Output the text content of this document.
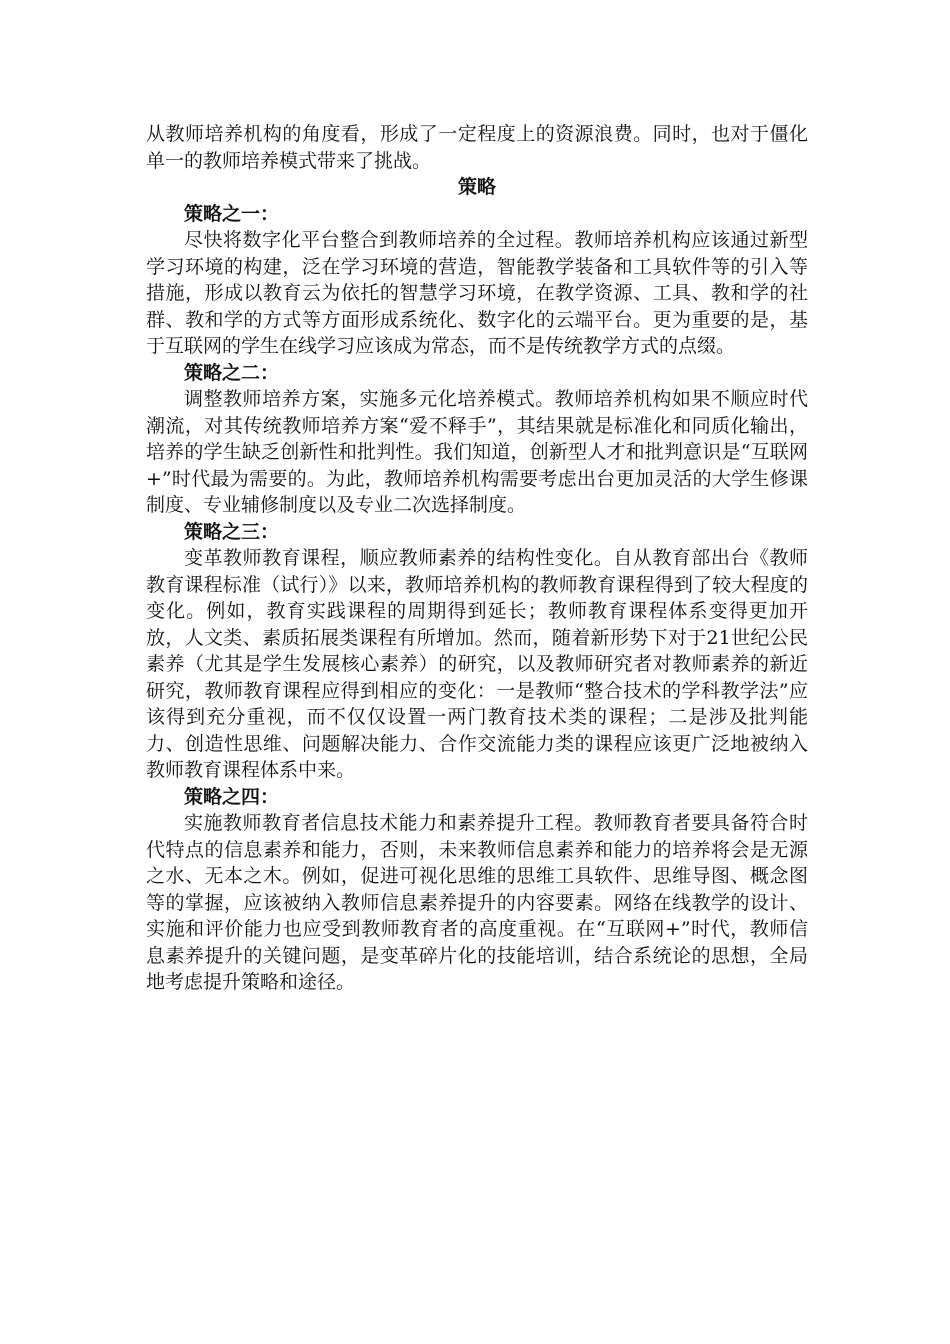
从教师培养机构的角度看，形成了一定程度上的资源浪费。同时，也对于僵化单一的教师培养模式带来了挑战。

策略

策略之一：

尽快将数字化平台整合到教师培养的全过程。教师培养机构应该通过新型学习环境的构建，泛在学习环境的营造，智能教学装备和工具软件等的引入等措施，形成以教育云为依托的智慧学习环境，在教学资源、工具、教和学的社群、教和学的方式等方面形成系统化、数字化的云端平台。更为重要的是，基于互联网的学生在线学习应该成为常态，而不是传统教学方式的点缀。

策略之二：

调整教师培养方案，实施多元化培养模式。教师培养机构如果不顺应时代潮流，对其传统教师培养方案“爱不释手”，其结果就是标准化和同质化输出，培养的学生缺乏创新性和批判性。我们知道，创新型人才和批判意识是“互联网+”时代最为需要的。为此，教师培养机构需要考虑出台更加灵活的大学生修课制度、专业辅修制度以及专业二次选择制度。

策略之三：

变革教师教育课程，顺应教师素养的结构性变化。自从教育部出台《教师教育课程标准（试行）》以来，教师培养机构的教师教育课程得到了较大程度的变化。例如，教育实践课程的周期得到延长；教师教育课程体系变得更加开放，人文类、素质拓展类课程有所增加。然而，随着新形势下对于21世纪公民素养（尤其是学生发展核心素养）的研究，以及教师研究者对教师素养的新近研究，教师教育课程应得到相应的变化：一是教师“整合技术的学科教学法”应该得到充分重视，而不仅仅设置一两门教育技术类的课程；二是涉及批判能力、创造性思维、问题解决能力、合作交流能力类的课程应该更广泛地被纳入教师教育课程体系中来。

策略之四：

实施教师教育者信息技术能力和素养提升工程。教师教育者要具备符合时代特点的信息素养和能力，否则，未来教师信息素养和能力的培养将会是无源之水、无本之木。例如，促进可视化思维的思维工具软件、思维导图、概念图等的掌握，应该被纳入教师信息素养提升的内容要素。网络在线教学的设计、实施和评价能力也应受到教师教育者的高度重视。在“互联网+”时代，教师信息素养提升的关键问题，是变革碎片化的技能培训，结合系统论的思想，全局地考虑提升策略和途径。
